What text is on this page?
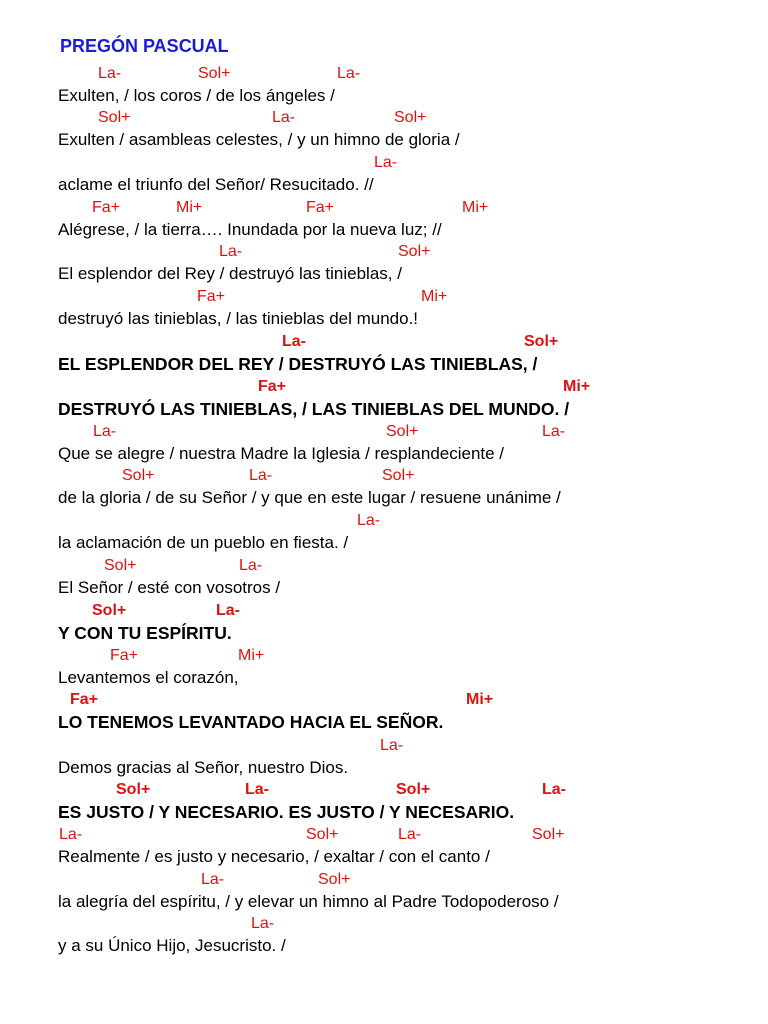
PREGÓN PASCUAL
La-	Sol+	La-
Exulten, / los coros / de los ángeles /
Sol+	La-	Sol+
Exulten / asambleas celestes, / y un himno de gloria /
La-
aclame el triunfo del Señor/ Resucitado. //
Fa+	Mi+	Fa+	Mi+
Alégrese, / la tierra…. Inundada por la nueva luz; //
La-	Sol+
El esplendor del Rey / destruyó las tinieblas, /
Fa+	Mi+
destruyó las tinieblas, / las tinieblas del mundo.!
La-	Sol+
EL ESPLENDOR DEL REY / DESTRUYÓ LAS TINIEBLAS, /
Fa+	Mi+
DESTRUYÓ LAS TINIEBLAS, / LAS TINIEBLAS DEL MUNDO. /
La-	Sol+	La-
Que se alegre / nuestra Madre la Iglesia / resplandeciente /
Sol+	La-	Sol+
de la gloria / de su Señor / y que en este lugar / resuene unánime /
La-
la aclamación de un pueblo en fiesta. /
Sol+	La-
El Señor / esté con vosotros /
Sol+	La-
Y CON TU ESPÍRITU.
Fa+	Mi+
Levantemos el corazón,
Fa+	Mi+
LO TENEMOS LEVANTADO HACIA EL SEÑOR.
La-
Demos gracias al Señor, nuestro Dios.
Sol+	La-	Sol+	La-
ES JUSTO / Y NECESARIO. ES JUSTO / Y NECESARIO.
La-	Sol+	La-	Sol+
Realmente / es justo y necesario, / exaltar / con el canto /
La-	Sol+
la alegría del espíritu, / y elevar un himno al Padre Todopoderoso /
La-
y a su Único Hijo, Jesucristo. /
